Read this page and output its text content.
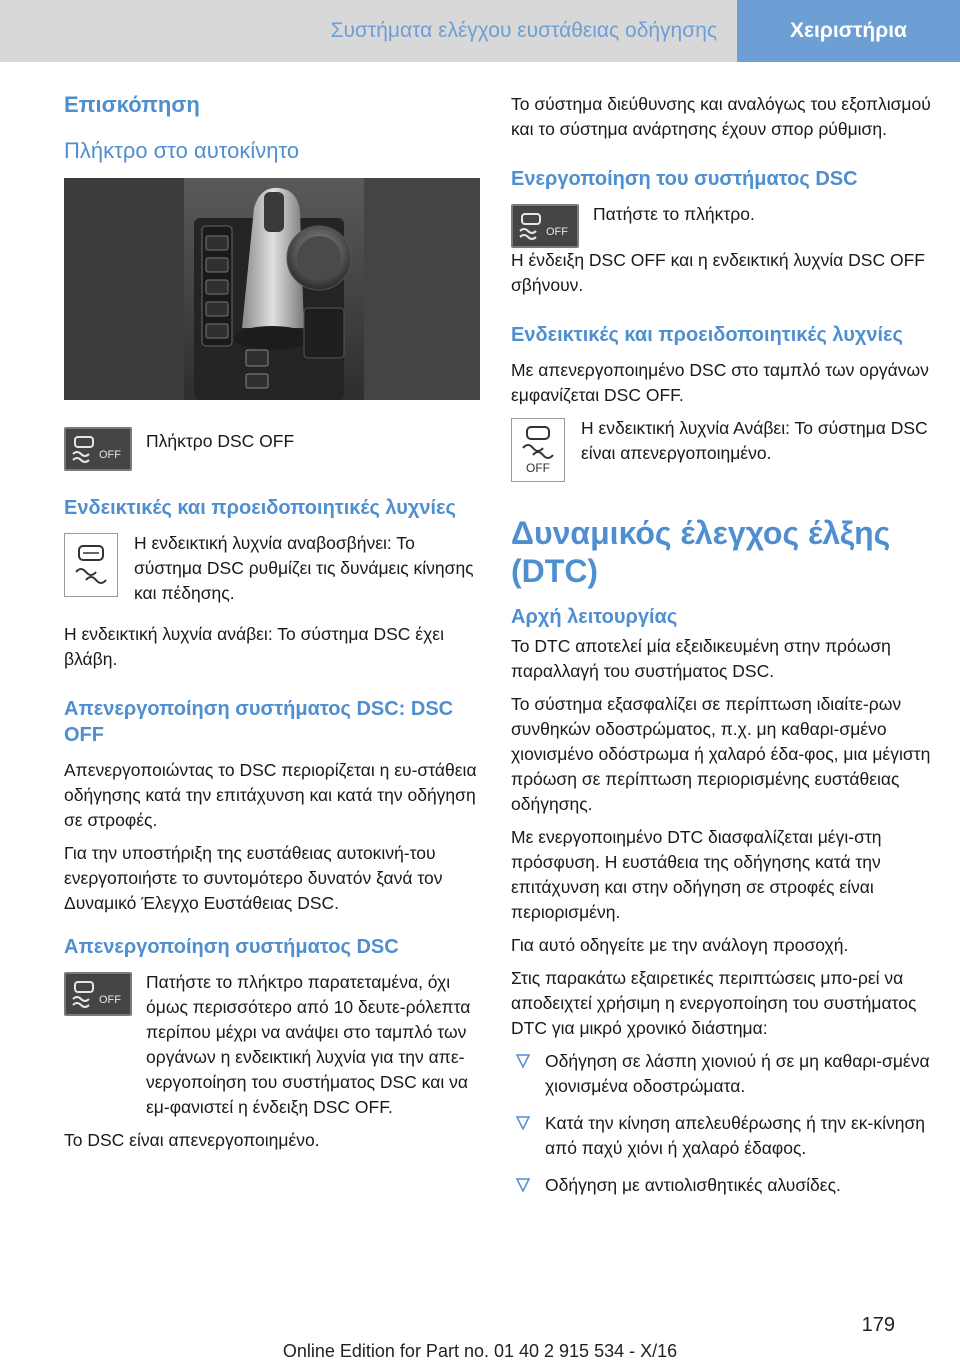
Συστήματα ελέγχου ευστάθειας οδήγησης	Χειριστήρια
Επισκόπηση
Πλήκτρο στο αυτοκίνητο
OFF

Πλήκτρο DSC OFF

Ενδεικτικές και προειδοποιητικές λυχνίες

Η ενδεικτική λυχνία αναβοσβήνει: Το σύστημα DSC ρυθμίζει τις δυνάμεις κίνησης και πέδησης.

Η ενδεικτική λυχνία ανάβει: Το σύστημα DSC έχει βλάβη.

Απενεργοποίηση συστήματος DSC: DSC OFF

Απενεργοποιώντας το DSC περιορίζεται η ευ-στάθεια οδήγησης κατά την επιτάχυνση και κατά την οδήγηση σε στροφές.

Για την υποστήριξη της ευστάθειας αυτοκινή-του ενεργοποιήστε το συντομότερο δυνατόν ξανά τον Δυναμικό Έλεγχο Ευστάθειας DSC.

Απενεργοποίηση συστήματος DSC
OFF

Πατήστε το πλήκτρο παρατεταμένα, όχι όμως περισσότερο από 10 δευτε-ρόλεπτα περίπου μέχρι να ανάψει στο ταμπλό των οργάνων η ενδεικτική λυχνία για την απε-νεργοποίηση του συστήματος DSC και να εμ-φανιστεί η ένδειξη DSC OFF.

Το DSC είναι απενεργοποιημένο.

Το σύστημα διεύθυνσης και αναλόγως του εξοπλισμού και το σύστημα ανάρτησης έχουν σπορ ρύθμιση.

Ενεργοποίηση του συστήματος DSC
OFF

Πατήστε το πλήκτρο.

Η ένδειξη DSC OFF και η ενδεικτική λυχνία DSC OFF σβήνουν.

Ενδεικτικές και προειδοποιητικές λυχνίες

Με απενεργοποιημένο DSC στο ταμπλό των οργάνων εμφανίζεται DSC OFF.

OFF

Η ενδεικτική λυχνία Ανάβει: Το σύστημα DSC είναι απενεργοποιημένο.

Δυναμικός έλεγχος έλξης (DTC)
Αρχή λειτουργίας

Το DTC αποτελεί μία εξειδικευμένη στην πρόωση παραλλαγή του συστήματος DSC.

Το σύστημα εξασφαλίζει σε περίπτωση ιδιαίτε-ρων συνθηκών οδοστρώματος, π.χ. μη καθαρι-σμένο χιονισμένο οδόστρωμα ή χαλαρό έδα-φος, μια μέγιστη πρόωση σε περίπτωση περιορισμένης ευστάθειας οδήγησης.

Με ενεργοποιημένο DTC διασφαλίζεται μέγι-στη πρόσφυση. Η ευστάθεια της οδήγησης κατά την επιτάχυνση και στην οδήγηση σε στροφές είναι περιορισμένη.

Για αυτό οδηγείτε με την ανάλογη προσοχή.

Στις παρακάτω εξαιρετικές περιπτώσεις μπο-ρεί να αποδειχτεί χρήσιμη η ενεργοποίηση του συστήματος DTC για μικρό χρονικό διάστημα:

Οδήγηση σε λάσπη χιονιού ή σε μη καθαρι-σμένα χιονισμένα οδοστρώματα.
Κατά την κίνηση απελευθέρωσης ή την εκ-κίνηση από παχύ χιόνι ή χαλαρό έδαφος.
Οδήγηση με αντιολισθητικές αλυσίδες.
179
Online Edition for Part no. 01 40 2 915 534 - X/16
